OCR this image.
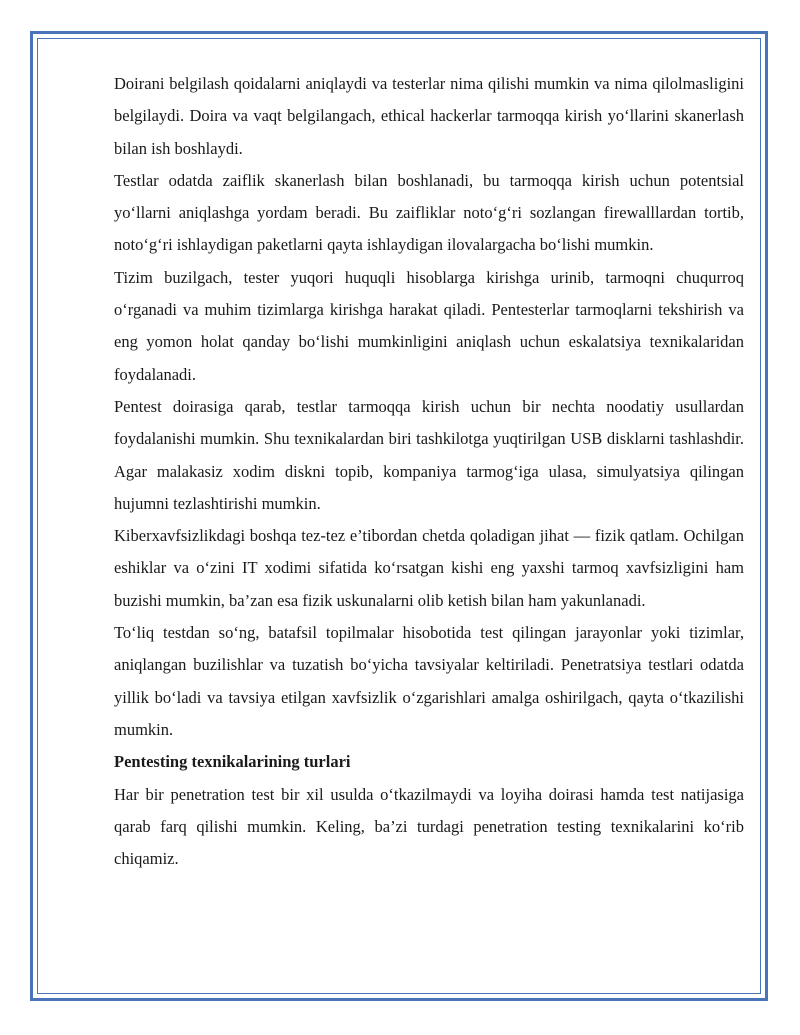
Doirani belgilash qoidalarni aniqlaydi va testerlar nima qilishi mumkin va nima qilolmasligini belgilaydi. Doira va vaqt belgilangach, ethical hackerlar tarmoqqa kirish yo‘llarini skanerlash bilan ish boshlaydi.

Testlar odatda zaiflik skanerlash bilan boshlanadi, bu tarmoqqa kirish uchun potentsial yo‘llarni aniqlashga yordam beradi. Bu zaifliklar noto‘g‘ri sozlangan firewalllardan tortib, noto‘g‘ri ishlaydigan paketlarni qayta ishlaydigan ilovalargacha bo‘lishi mumkin.

Tizim buzilgach, tester yuqori huquqli hisoblarga kirishga urinib, tarmoqni chuqurroq o‘rganadi va muhim tizimlarga kirishga harakat qiladi. Pentesterlar tarmoqlarni tekshirish va eng yomon holat qanday bo‘lishi mumkinligini aniqlash uchun eskalatsiya texnikalaridan foydalanadi.

Pentest doirasiga qarab, testlar tarmoqqa kirish uchun bir nechta noodatiy usullardan foydalanishi mumkin. Shu texnikalardan biri tashkilotga yuqtirilgan USB disklarni tashlashdir. Agar malakasiz xodim diskni topib, kompaniya tarmog‘iga ulasa, simulyatsiya qilingan hujumni tezlashtirishi mumkin.

Kiberxavfsizlikdagi boshqa tez-tez e’tibordan chetda qoladigan jihat — fizik qatlam. Ochilgan eshiklar va o‘zini IT xodimi sifatida ko‘rsatgan kishi eng yaxshi tarmoq xavfsizligini ham buzishi mumkin, ba’zan esa fizik uskunalarni olib ketish bilan ham yakunlanadi.

To‘liq testdan so‘ng, batafsil topilmalar hisobotida test qilingan jarayonlar yoki tizimlar, aniqlangan buzilishlar va tuzatish bo‘yicha tavsiyalar keltiriladi. Penetratsiya testlari odatda yillik bo‘ladi va tavsiya etilgan xavfsizlik o‘zgarishlari amalga oshirilgach, qayta o‘tkazilishi mumkin.

Pentesting texnikalarining turlari

Har bir penetration test bir xil usulda o‘tkazilmaydi va loyiha doirasi hamda test natijasiga qarab farq qilishi mumkin. Keling, ba’zi turdagi penetration testing texnikalarini ko‘rib chiqamiz.
